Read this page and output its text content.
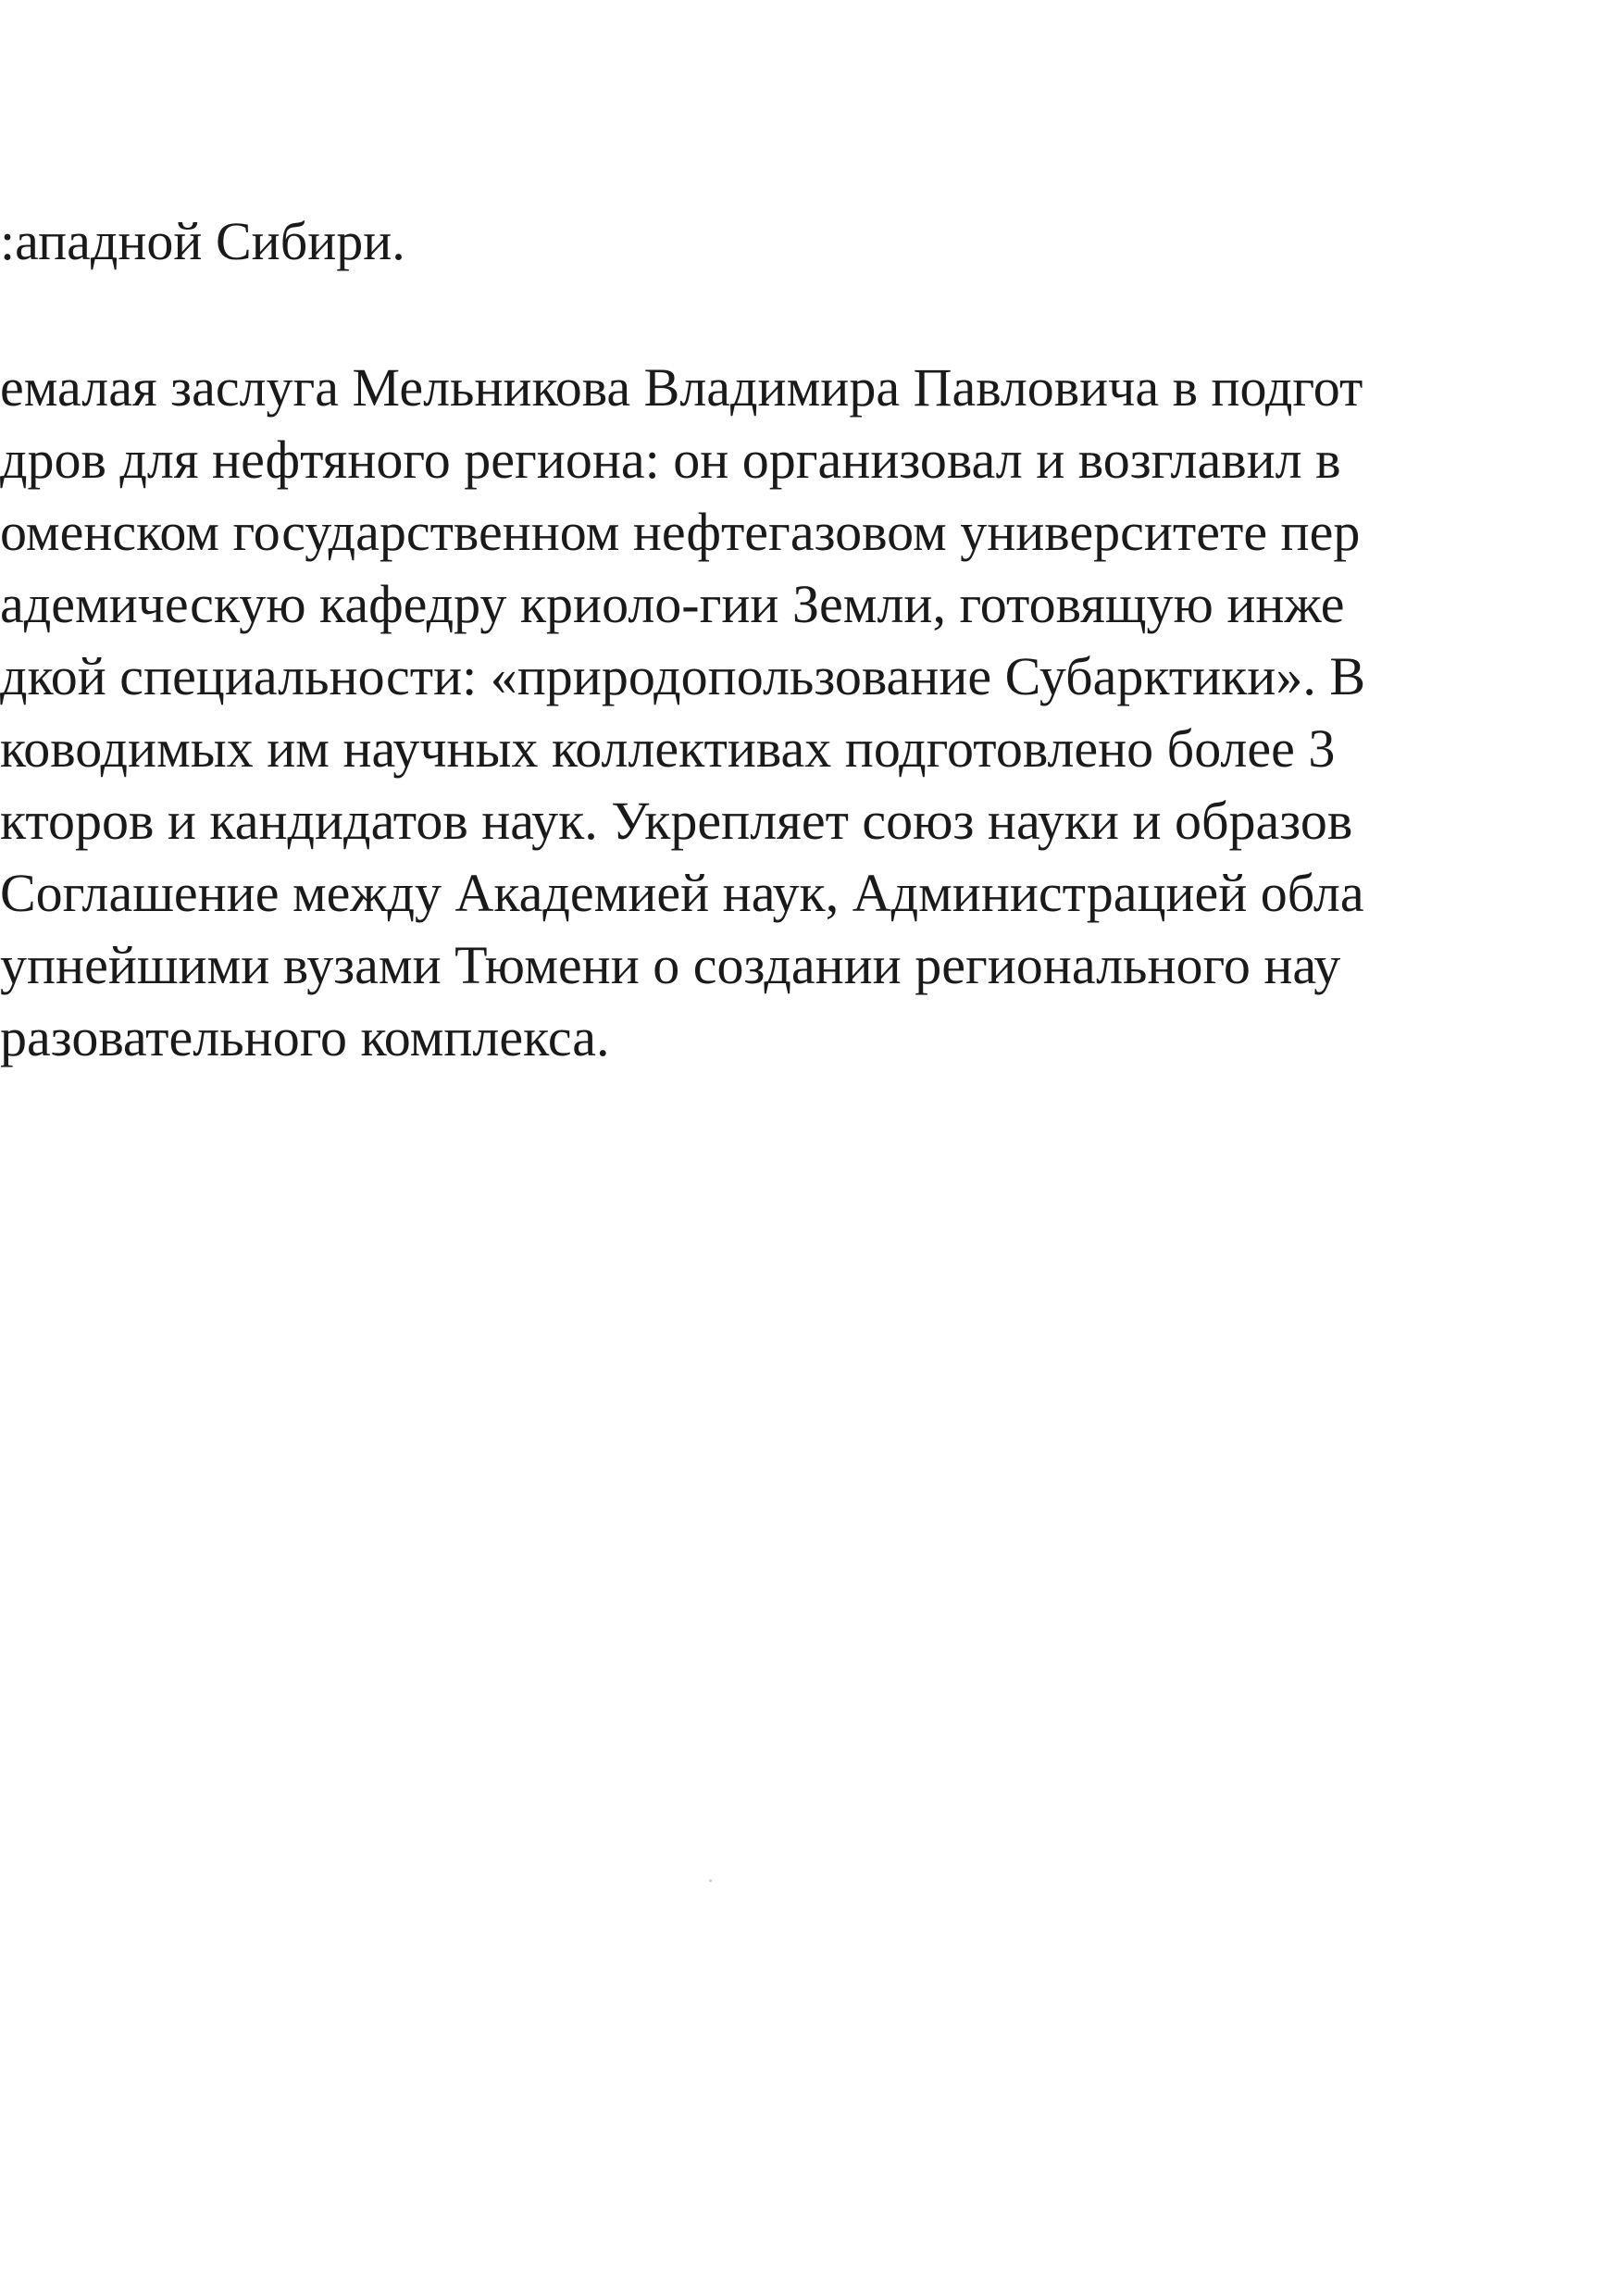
:ападной Сибири.
емалая заслуга Мельникова Владимира Павловича в подгот
дров для нефтяного региона: он организовал и возглавил в
оменском государственном нефтегазовом университете пер
адемическую кафедру криоло-гии Земли, готовящую инже
дкой специальности: «природопользование Субарктики». В
ководимых им научных коллективах подготовлено более 3
кторов и кандидатов наук. Укрепляет союз науки и образов
Соглашение между Академией наук, Администрацией обла
упнейшими вузами Тюмени о создании регионального нау
разовательного комплекса.
